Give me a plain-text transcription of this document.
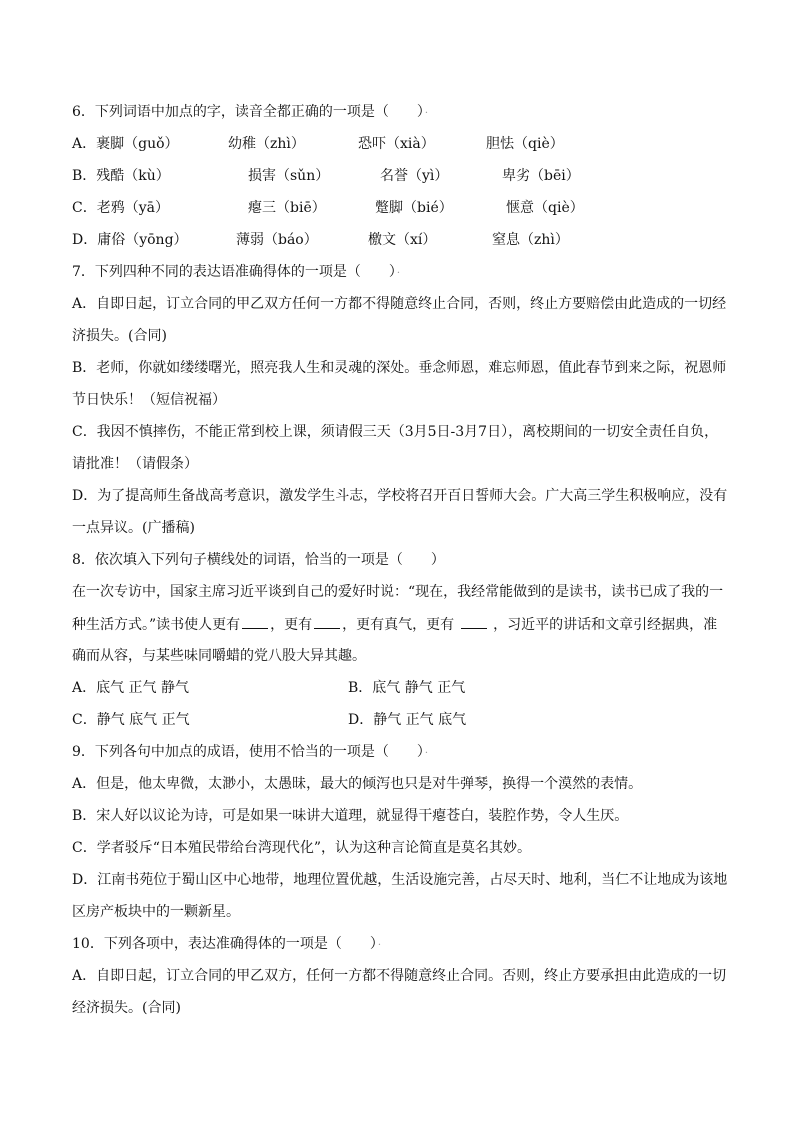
6．下列词语中加点的字，读音全都正确的一项是（　　）·
A．裹脚（guǒ）	幼稚（zhì）	恐吓（xià）	胆怯（qiè）
B．残酷（kù）	损害（sǔn）	名誉（yì）	卑劣（bēi）
C．老鸦（yā）	瘪三（biē）	蹩脚（bié）	惬意（qiè）
D．庸俗（yōng）	薄弱（báo）	檄文（xí）	窒息（zhì）
7．下列四种不同的表达语准确得体的一项是（　　）·
A．自即日起，订立合同的甲乙双方任何一方都不得随意终止合同，否则，终止方要赔偿由此造成的一切经
济损失。(合同)
B．老师，你就如缕缕曙光，照亮我人生和灵魂的深处。垂念师恩，难忘师恩，值此春节到来之际，祝恩师
节日快乐！（短信祝福）
C．我因不慎摔伤，不能正常到校上课，须请假三天（3月5日-3月7日），离校期间的一切安全责任自负，
请批准！（请假条）
D．为了提高师生备战高考意识，激发学生斗志，学校将召开百日誓师大会。广大高三学生积极响应，没有
一点异议。(广播稿)
8．依次填入下列句子横线处的词语，恰当的一项是（　　）
在一次专访中，国家主席习近平谈到自己的爱好时说：“现在，我经常能做到的是读书，读书已成了我的一
种生活方式。”读书使人更有 ，更有 ，更有真气，更有	，习近平的讲话和文章引经据典，准
确而从容，与某些味同嚼蜡的党八股大异其趣。
A．底气 正气 静气	B．底气 静气 正气
C．静气 底气 正气	D．静气 正气 底气
9．下列各句中加点的成语，使用不恰当的一项是（　　）·
A．但是，他太卑微，太渺小，太愚昧，最大的倾泻也只是对牛弹琴，换得一个漠然的表情。
B．宋人好以议论为诗，可是如果一味讲大道理，就显得干瘪苍白，装腔作势，令人生厌。
C．学者驳斥“日本殖民带给台湾现代化”，认为这种言论简直是莫名其妙。
D．江南书苑位于蜀山区中心地带，地理位置优越，生活设施完善，占尽天时、地利，当仁不让地成为该地
区房产板块中的一颗新星。
10．下列各项中，表达准确得体的一项是（　　）·
A．自即日起，订立合同的甲乙双方，任何一方都不得随意终止合同。否则，终止方要承担由此造成的一切
经济损失。(合同)
